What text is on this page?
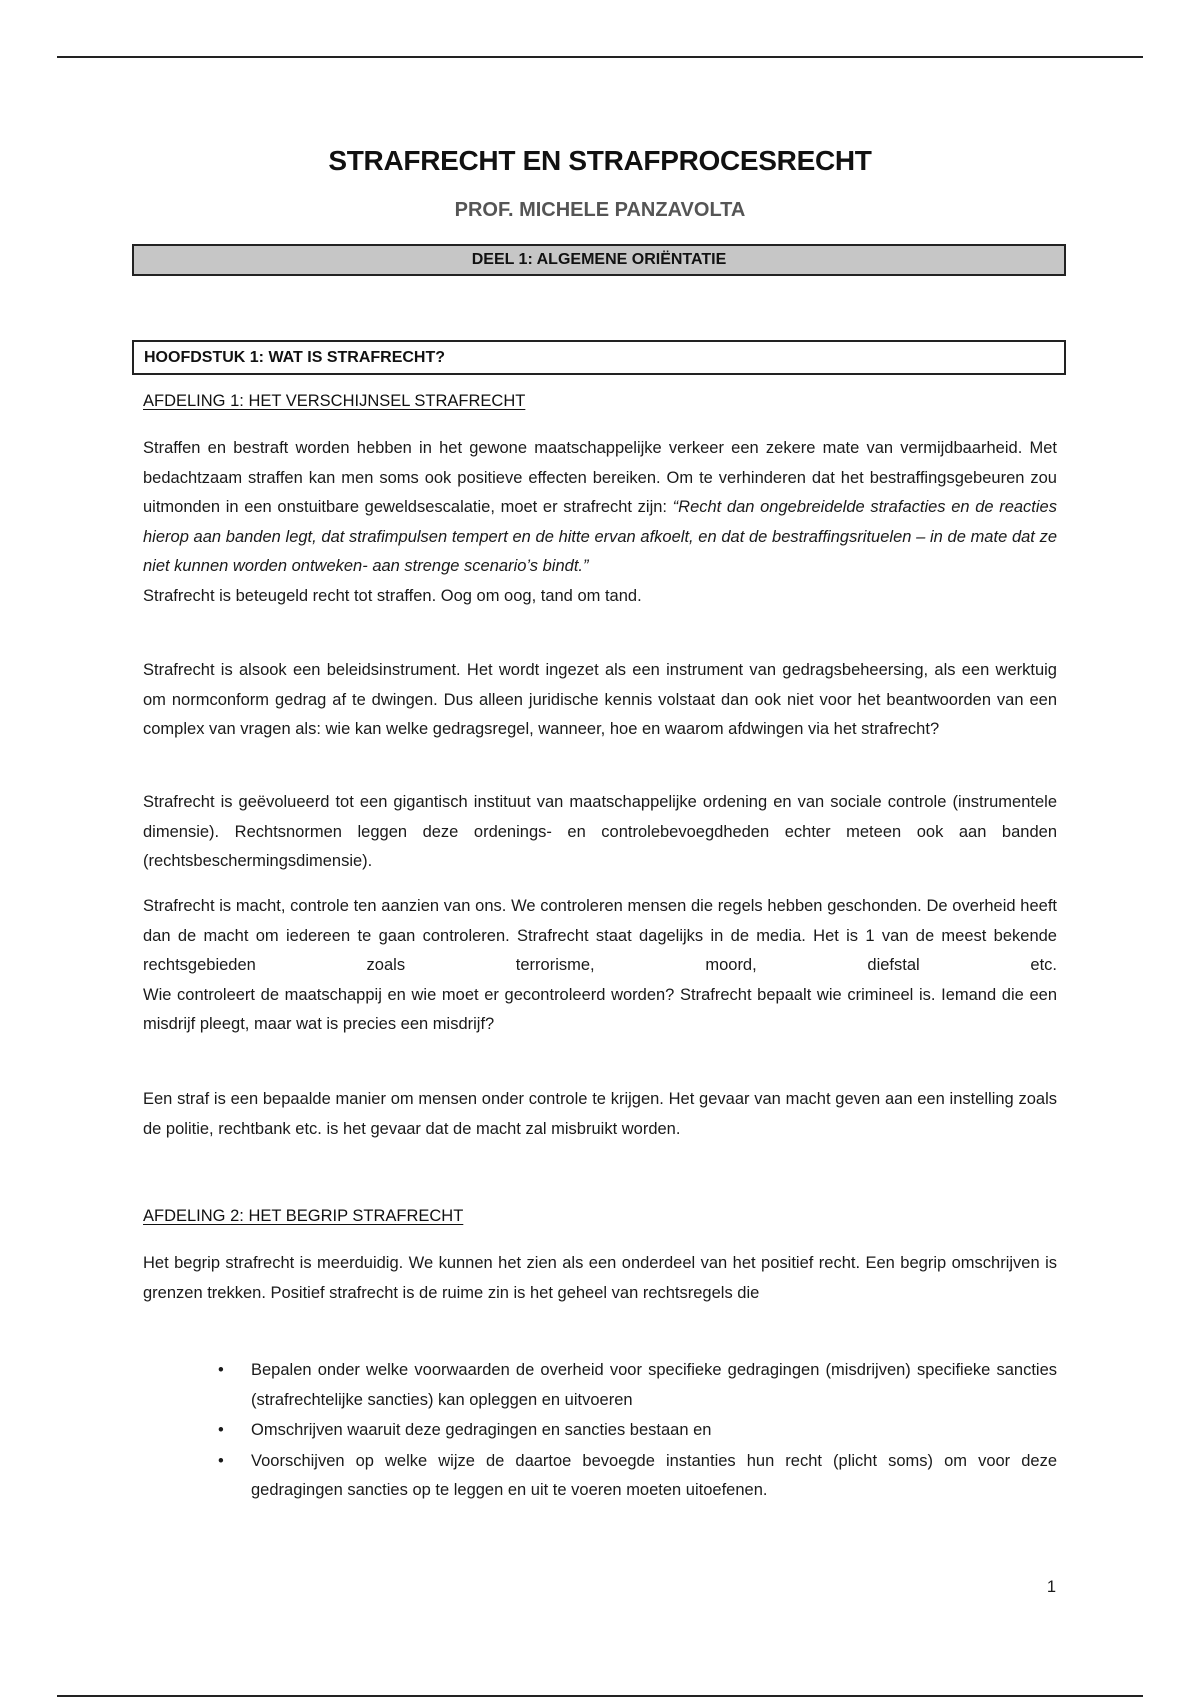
STRAFRECHT EN STRAFPROCESRECHT
PROF. MICHELE PANZAVOLTA
DEEL 1: ALGEMENE ORIËNTATIE
HOOFDSTUK 1: WAT IS STRAFRECHT?
AFDELING 1: HET VERSCHIJNSEL STRAFRECHT
Straffen en bestraft worden hebben in het gewone maatschappelijke verkeer een zekere mate van vermijdbaarheid. Met bedachtzaam straffen kan men soms ook positieve effecten bereiken. Om te verhinderen dat het bestraffingsgebeuren zou uitmonden in een onstuitbare geweldsescalatie, moet er strafrecht zijn: “Recht dan ongebreidelde strafacties en de reacties hierop aan banden legt, dat strafimpulsen tempert en de hitte ervan afkoelt, en dat de bestraffingsrituelen – in de mate dat ze niet kunnen worden ontweken- aan strenge scenario’s bindt.”
Strafrecht is beteugeld recht tot straffen. Oog om oog, tand om tand.
Strafrecht is alsook een beleidsinstrument. Het wordt ingezet als een instrument van gedragsbeheersing, als een werktuig om normconform gedrag af te dwingen. Dus alleen juridische kennis volstaat dan ook niet voor het beantwoorden van een complex van vragen als: wie kan welke gedragsregel, wanneer, hoe en waarom afdwingen via het strafrecht?
Strafrecht is geëvolueerd tot een gigantisch instituut van maatschappelijke ordening en van sociale controle (instrumentele dimensie). Rechtsnormen leggen deze ordenings- en controlebevoegdheden echter meteen ook aan banden (rechtsbeschermingsdimensie).
Strafrecht is macht, controle ten aanzien van ons. We controleren mensen die regels hebben geschonden. De overheid heeft dan de macht om iedereen te gaan controleren. Strafrecht staat dagelijks in de media. Het is 1 van de meest bekende rechtsgebieden zoals terrorisme, moord, diefstal etc.
Wie controleert de maatschappij en wie moet er gecontroleerd worden? Strafrecht bepaalt wie crimineel is. Iemand die een misdrijf pleegt, maar wat is precies een misdrijf?
Een straf is een bepaalde manier om mensen onder controle te krijgen. Het gevaar van macht geven aan een instelling zoals de politie, rechtbank etc. is het gevaar dat de macht zal misbruikt worden.
AFDELING 2: HET BEGRIP STRAFRECHT
Het begrip strafrecht is meerduidig. We kunnen het zien als een onderdeel van het positief recht. Een begrip omschrijven is grenzen trekken. Positief strafrecht is de ruime zin is het geheel van rechtsregels die
• Bepalen onder welke voorwaarden de overheid voor specifieke gedragingen (misdrijven) specifieke sancties (strafrechtelijke sancties) kan opleggen en uitvoeren
• Omschrijven waaruit deze gedragingen en sancties bestaan en
• Voorschijven op welke wijze de daartoe bevoegde instanties hun recht (plicht soms) om voor deze gedragingen sancties op te leggen en uit te voeren moeten uitoefenen.
1
